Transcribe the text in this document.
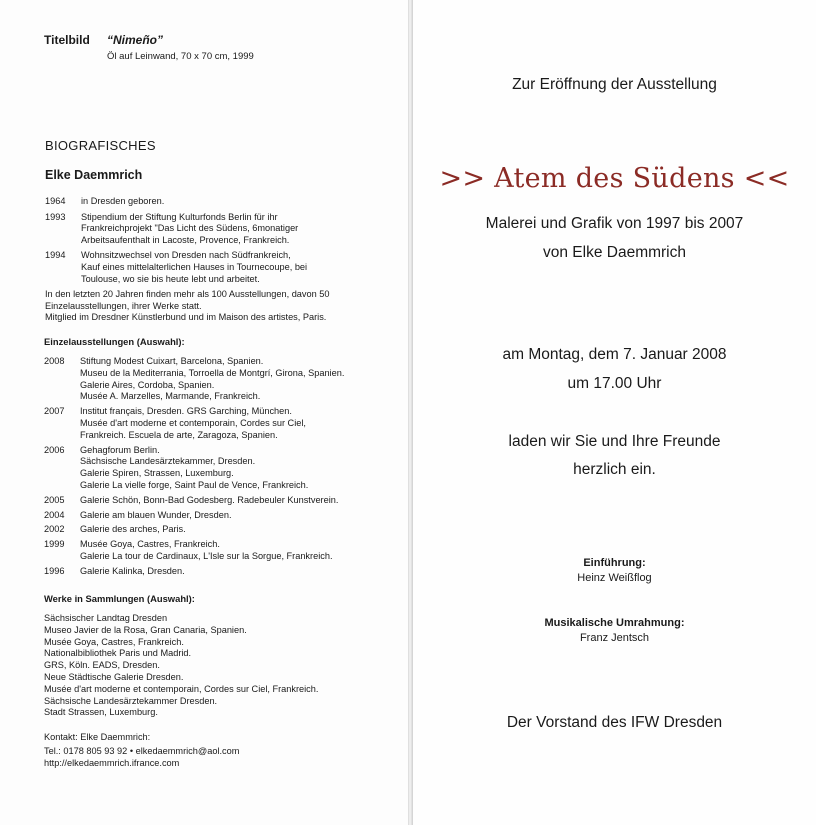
Titelbild “Nimeño”
Öl auf Leinwand, 70 x 70 cm, 1999
BIOGRAFISCHES
Elke Daemmrich
1964	in Dresden geboren.
1993	Stipendium der Stiftung Kulturfonds Berlin für ihr
Frankreichprojekt "Das Licht des Südens, 6monatiger
Arbeitsaufenthalt in Lacoste, Provence, Frankreich.
1994	Wohnsitzwechsel von Dresden nach Südfrankreich,
Kauf eines mittelalterlichen Hauses in Tournecoupe, bei
Toulouse, wo sie bis heute lebt und arbeitet.
In den letzten 20 Jahren finden mehr als 100 Ausstellungen, davon 50
Einzelausstellungen, ihrer Werke statt.
Mitglied im Dresdner Künstlerbund und im Maison des artistes, Paris.
Einzelausstellungen (Auswahl):
2008	Stiftung Modest Cuixart, Barcelona, Spanien.
Museu de la Mediterrania, Torroella de Montgrí, Girona, Spanien.
Galerie Aires, Cordoba, Spanien.
Musée A. Marzelles, Marmande, Frankreich.
2007	Institut français, Dresden. GRS Garching, München.
Musée d'art moderne et contemporain, Cordes sur Ciel,
Frankreich. Escuela de arte, Zaragoza, Spanien.
2006	Gehagforum Berlin.
Sächsische Landesärztekammer, Dresden.
Galerie Spiren, Strassen, Luxemburg.
Galerie La vielle forge, Saint Paul de Vence, Frankreich.
2005	Galerie Schön, Bonn-Bad Godesberg. Radebeuler Kunstverein.
2004	Galerie am blauen Wunder, Dresden.
2002	Galerie des arches, Paris.
1999	Musée Goya, Castres, Frankreich.
Galerie La tour de Cardinaux, L'Isle sur la Sorgue, Frankreich.
1996	Galerie Kalinka, Dresden.
Werke in Sammlungen (Auswahl):
Sächsischer Landtag Dresden
Museo Javier de la Rosa, Gran Canaria, Spanien.
Musée Goya, Castres, Frankreich.
Nationalbibliothek Paris und Madrid.
GRS, Köln. EADS, Dresden.
Neue Städtische Galerie Dresden.
Musée d'art moderne et contemporain, Cordes sur Ciel, Frankreich.
Sächsische Landesärztekammer Dresden.
Stadt Strassen, Luxemburg.
Kontakt: Elke Daemmrich:
Tel.: 0178 805 93 92 • elkedaemmrich@aol.com
http://elkedaemmrich.ifrance.com
Zur Eröffnung der Ausstellung
>> Atem des Südens <<
Malerei und Grafik von 1997 bis 2007
von Elke Daemmrich
am Montag, dem 7. Januar 2008
um 17.00 Uhr
laden wir Sie und Ihre Freunde
herzlich ein.
Einführung:
Heinz Weißflog
Musikalische Umrahmung:
Franz Jentsch
Der Vorstand des IFW Dresden
